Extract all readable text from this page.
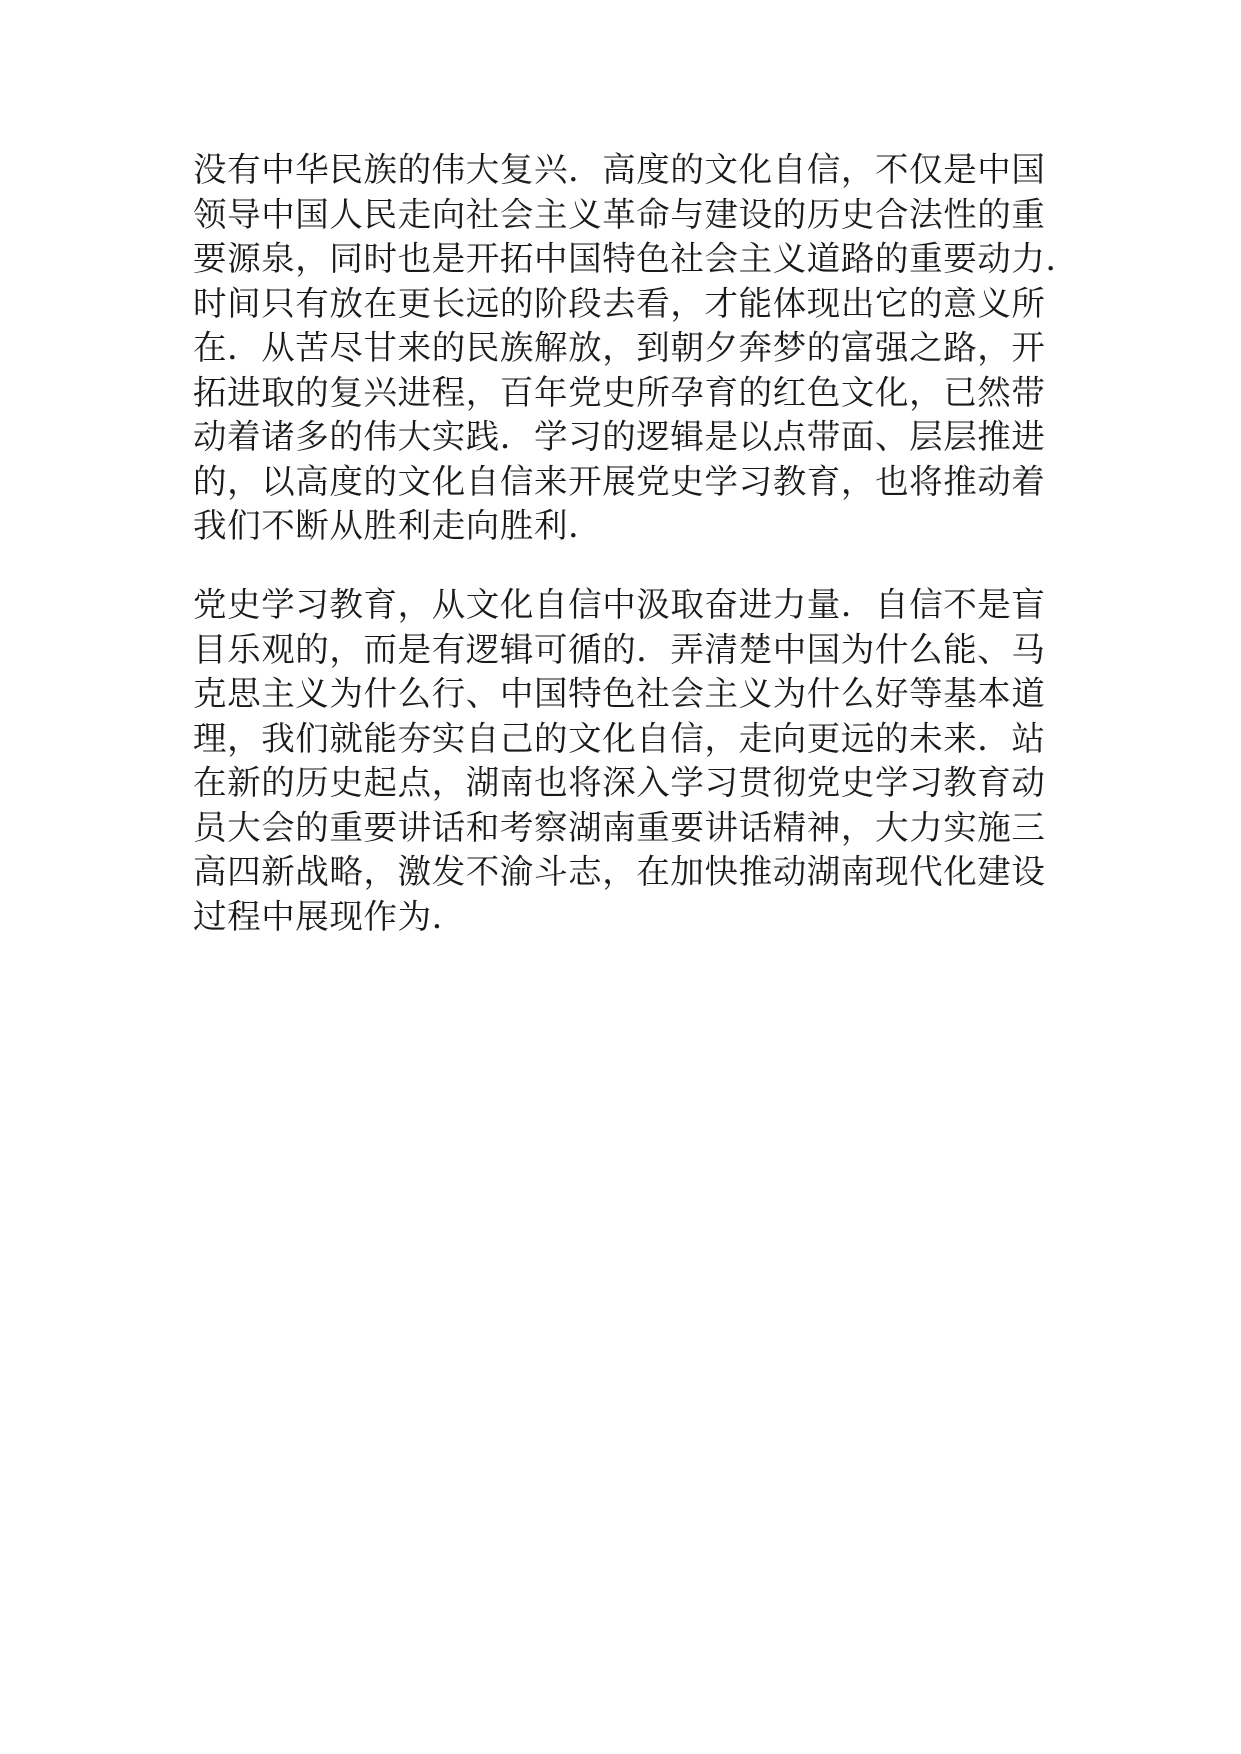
没有中华民族的伟大复兴．高度的文化自信，不仅是中国
领导中国人民走向社会主义革命与建设的历史合法性的重
要源泉，同时也是开拓中国特色社会主义道路的重要动力．
时间只有放在更长远的阶段去看，才能体现出它的意义所
在．从苦尽甘来的民族解放，到朝夕奔梦的富强之路，开
拓进取的复兴进程，百年党史所孕育的红色文化，已然带
动着诸多的伟大实践．学习的逻辑是以点带面、层层推进
的，以高度的文化自信来开展党史学习教育，也将推动着
我们不断从胜利走向胜利．

党史学习教育，从文化自信中汲取奋进力量．自信不是盲
目乐观的，而是有逻辑可循的．弄清楚中国为什么能、马
克思主义为什么行、中国特色社会主义为什么好等基本道
理，我们就能夯实自己的文化自信，走向更远的未来．站
在新的历史起点，湖南也将深入学习贯彻党史学习教育动
员大会的重要讲话和考察湖南重要讲话精神，大力实施三
高四新战略，激发不渝斗志，在加快推动湖南现代化建设
过程中展现作为．
